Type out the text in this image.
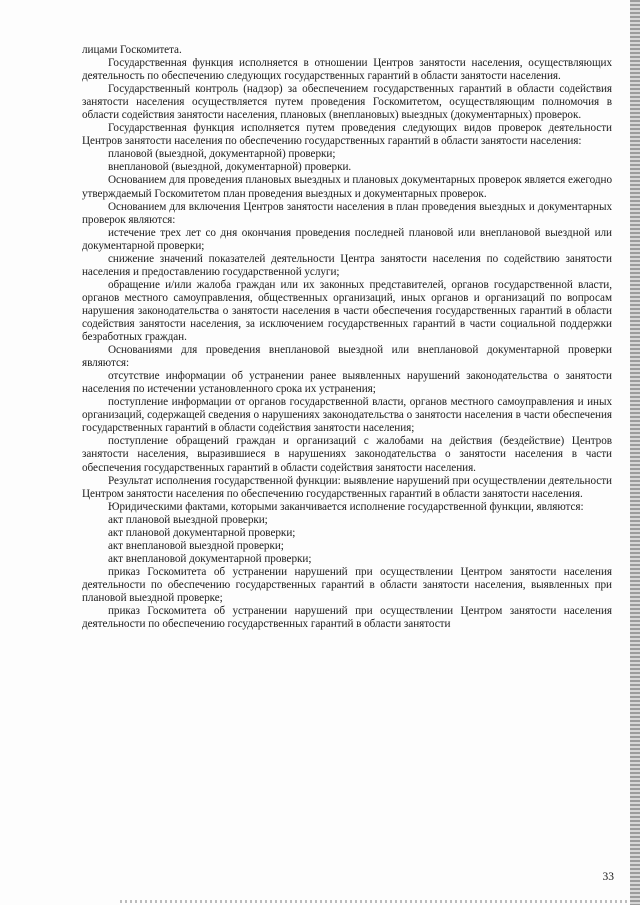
лицами Госкомитета.

Государственная функция исполняется в отношении Центров занятости населения, осуществляющих деятельность по обеспечению следующих государственных гарантий в области занятости населения.

Государственный контроль (надзор) за обеспечением государственных гарантий в области содействия занятости населения осуществляется путем проведения Госкомитетом, осуществляющим полномочия в области содействия занятости населения, плановых (внеплановых) выездных (документарных) проверок.

Государственная функция исполняется путем проведения следующих видов проверок деятельности Центров занятости населения по обеспечению государственных гарантий в области занятости населения:

плановой (выездной, документарной) проверки;

внеплановой (выездной, документарной) проверки.

Основанием для проведения плановых выездных и плановых документарных проверок является ежегодно утверждаемый Госкомитетом план проведения выездных и документарных проверок.

Основанием для включения Центров занятости населения в план проведения выездных и документарных проверок являются:

истечение трех лет со дня окончания проведения последней плановой или внеплановой выездной или документарной проверки;

снижение значений показателей деятельности Центра занятости населения по содействию занятости населения и предоставлению государственной услуги;

обращение и/или жалоба граждан или их законных представителей, органов государственной власти, органов местного самоуправления, общественных организаций, иных органов и организаций по вопросам нарушения законодательства о занятости населения в части обеспечения государственных гарантий в области содействия занятости населения, за исключением государственных гарантий в части социальной поддержки безработных граждан.

Основаниями для проведения внеплановой выездной или внеплановой документарной проверки являются:

отсутствие информации об устранении ранее выявленных нарушений законодательства о занятости населения по истечении установленного срока их устранения;

поступление информации от органов государственной власти, органов местного самоуправления и иных организаций, содержащей сведения о нарушениях законодательства о занятости населения в части обеспечения государственных гарантий в области содействия занятости населения;

поступление обращений граждан и организаций с жалобами на действия (бездействие) Центров занятости населения, выразившиеся в нарушениях законодательства о занятости населения в части обеспечения государственных гарантий в области содействия занятости населения.

Результат исполнения государственной функции: выявление нарушений при осуществлении деятельности Центром занятости населения по обеспечению государственных гарантий в области занятости населения.

Юридическими фактами, которыми заканчивается исполнение государственной функции, являются:

акт плановой выездной проверки;

акт плановой документарной проверки;

акт внеплановой выездной проверки;

акт внеплановой документарной проверки;

приказ Госкомитета об устранении нарушений при осуществлении Центром занятости населения деятельности по обеспечению государственных гарантий в области занятости населения, выявленных при плановой выездной проверке;

приказ Госкомитета об устранении нарушений при осуществлении Центром занятости населения деятельности по обеспечению государственных гарантий в области занятости

33
